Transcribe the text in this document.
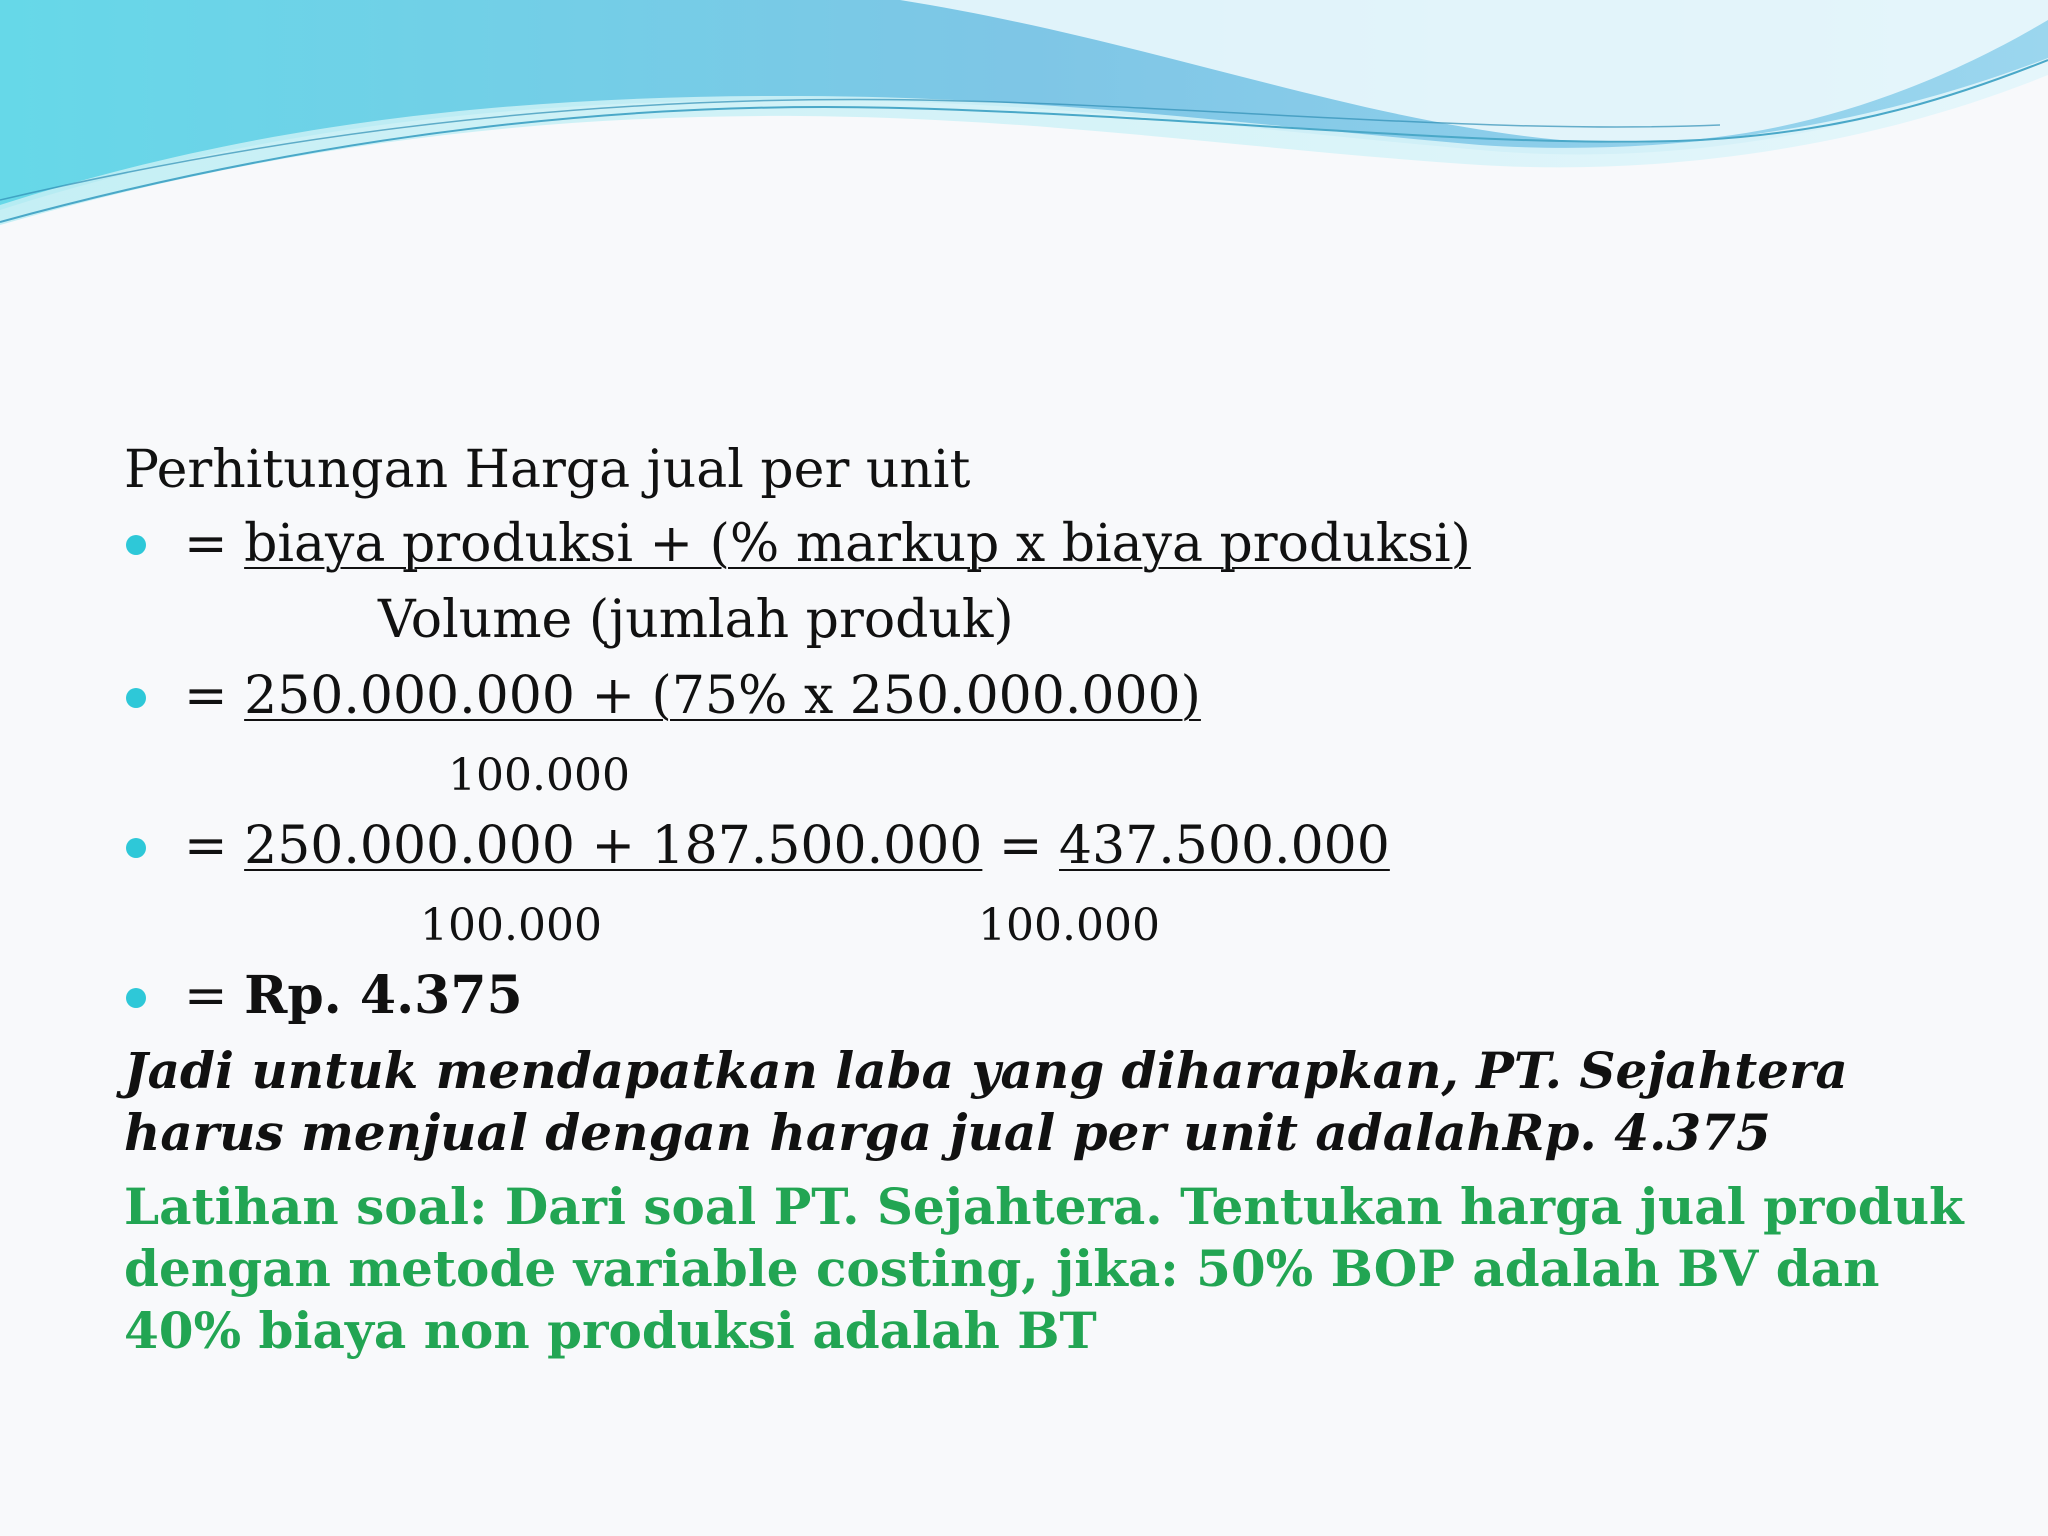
Perhitungan Harga jual per unit
= biaya produksi + (% markup x biaya produksi)
Volume (jumlah produk)
= 250.000.000 + (75% x 250.000.000)
100.000
= 250.000.000 + 187.500.000 = 437.500.000
100.000	100.000
= Rp. 4.375
Jadi untuk mendapatkan laba yang diharapkan, PT. Sejahtera harus menjual dengan harga jual per unit adalahRp. 4.375
Latihan soal: Dari soal PT. Sejahtera. Tentukan harga jual produk dengan metode variable costing, jika: 50% BOP adalah BV dan 40% biaya non produksi adalah BT
